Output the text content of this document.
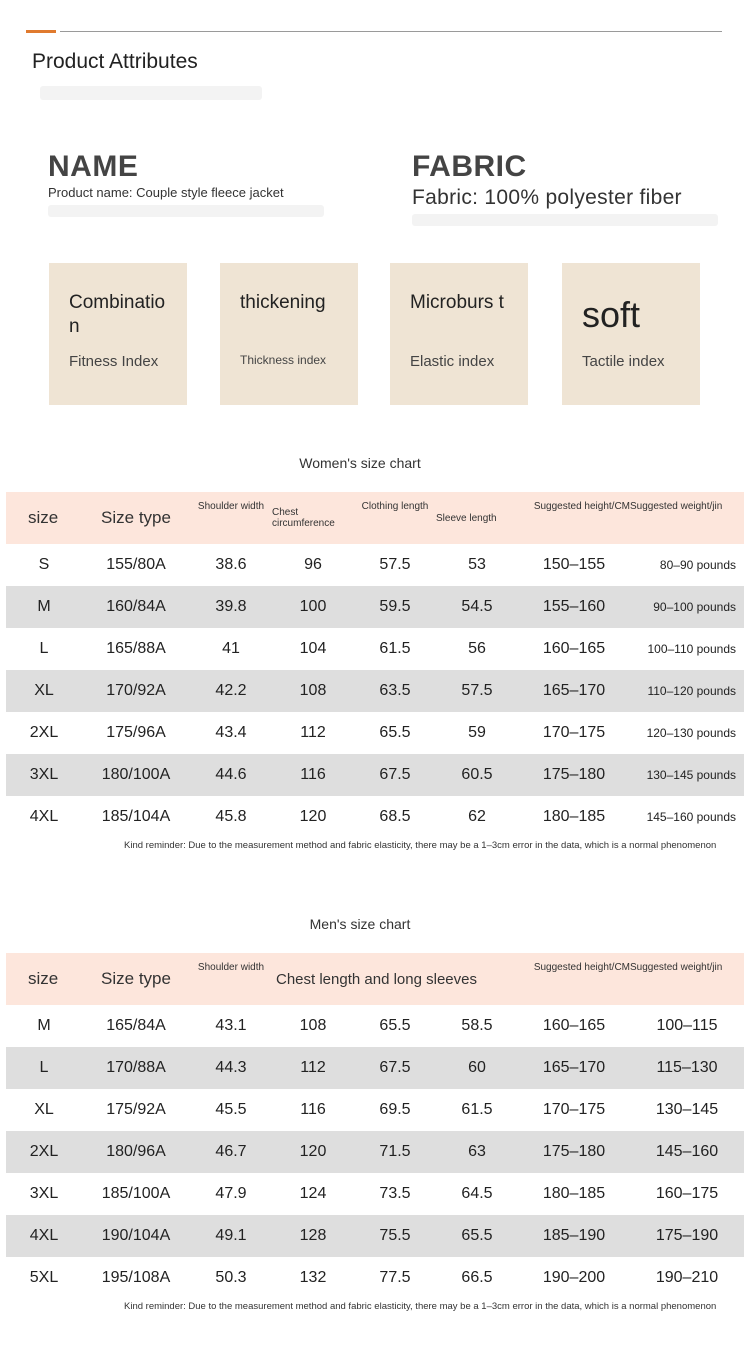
Product Attributes
NAME
Product name: Couple style fleece jacket
FABRIC
Fabric: 100% polyester fiber
Combinatio n
Fitness Index
thickening
Thickness index
Microburs t
Elastic index
soft
Tactile index
Women's size chart
size	Size type	Shoulder width	Chest circumference	Clothing length	Sleeve length	Suggested height/CM	Suggested weight/jin
S	155/80A	38.6	96	57.5	53	150–155	80–90 pounds
M	160/84A	39.8	100	59.5	54.5	155–160	90–100 pounds
L	165/88A	41	104	61.5	56	160–165	100–110 pounds
XL	170/92A	42.2	108	63.5	57.5	165–170	110–120 pounds
2XL	175/96A	43.4	112	65.5	59	170–175	120–130 pounds
3XL	180/100A	44.6	116	67.5	60.5	175–180	130–145 pounds
4XL	185/104A	45.8	120	68.5	62	180–185	145–160 pounds
Kind reminder: Due to the measurement method and fabric elasticity, there may be a 1–3cm error in the data, which is a normal phenomenon
Men's size chart
size	Size type	Shoulder width	Chest length and long sleeves			Suggested height/CM	Suggested weight/jin
M	165/84A	43.1	108	65.5	58.5	160–165	100–115
L	170/88A	44.3	112	67.5	60	165–170	115–130
XL	175/92A	45.5	116	69.5	61.5	170–175	130–145
2XL	180/96A	46.7	120	71.5	63	175–180	145–160
3XL	185/100A	47.9	124	73.5	64.5	180–185	160–175
4XL	190/104A	49.1	128	75.5	65.5	185–190	175–190
5XL	195/108A	50.3	132	77.5	66.5	190–200	190–210
Kind reminder: Due to the measurement method and fabric elasticity, there may be a 1–3cm error in the data, which is a normal phenomenon
